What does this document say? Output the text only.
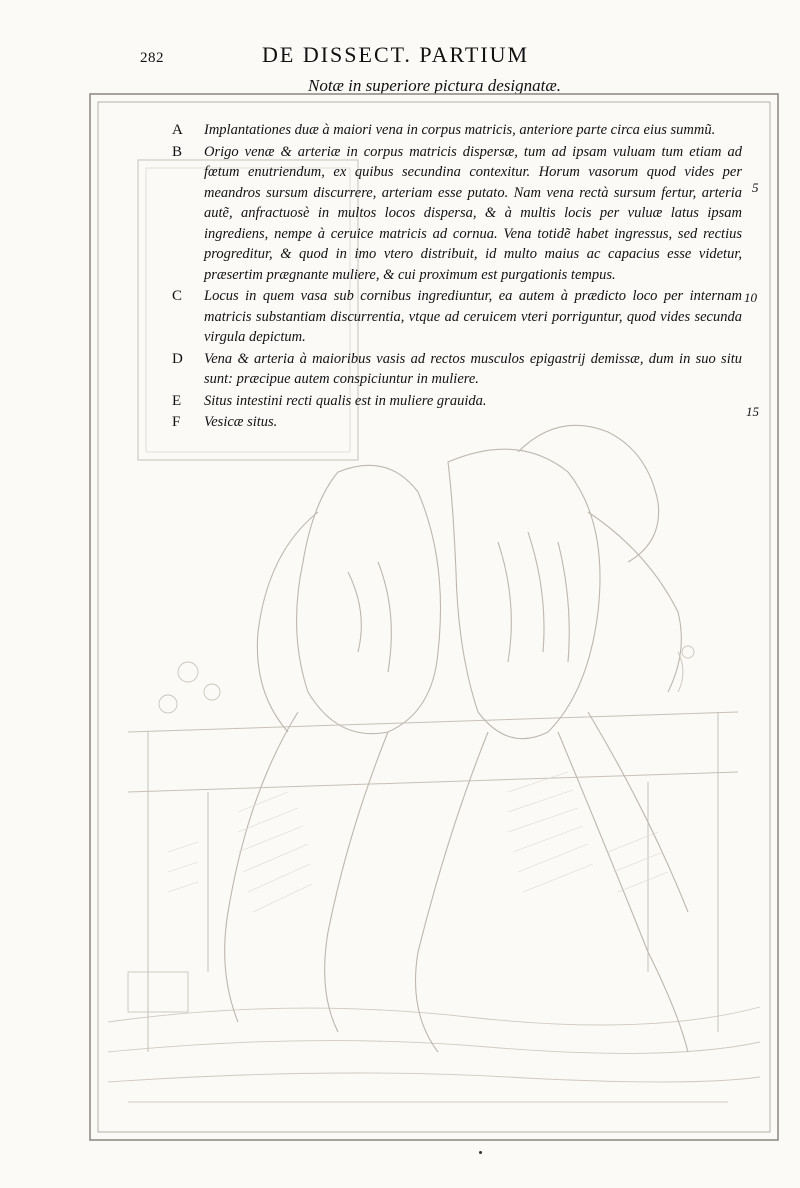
282	DE DISSECT. PARTIUM
Notæ in superiore pictura designatæ.
A	Implantationes duæ à maiori vena in corpus matricis, anteriore parte circa eius summũ.
B	Origo venæ & arteriæ in corpus matricis dispersæ, tum ad ipsam vuluam tum etiam ad fœtum enutriendum, ex quibus secundina contexitur. Horum vasorum quod vides per meandros sursum discurrere, arteriam esse putato. Nam vena rectà sursum fertur, arteria autẽ, anfractuosè in multos locos dispersa, & à multis locis per vuluæ latus ipsam ingrediens, nempe à ceruice matricis ad cornua. Vena totidẽ habet ingressus, sed rectius progreditur, & quod in imo vtero distribuit, id multo maius ac capacius esse videtur, præsertim prægnante muliere, & cui proximum est purgationis tempus.
C	Locus in quem vasa sub cornibus ingrediuntur, ea autem à prædicto loco per internam matricis substantiam discurrentia, vtque ad ceruicem vteri porriguntur, quod vides secunda virgula depictum.
D	Vena & arteria à maioribus vasis ad rectos musculos epigastrij demissæ, dum in suo situ sunt: præcipue autem conspiciuntur in muliere.
E	Situs intestini recti qualis est in muliere grauida.
F	Vesicæ situs.
5
10
15
